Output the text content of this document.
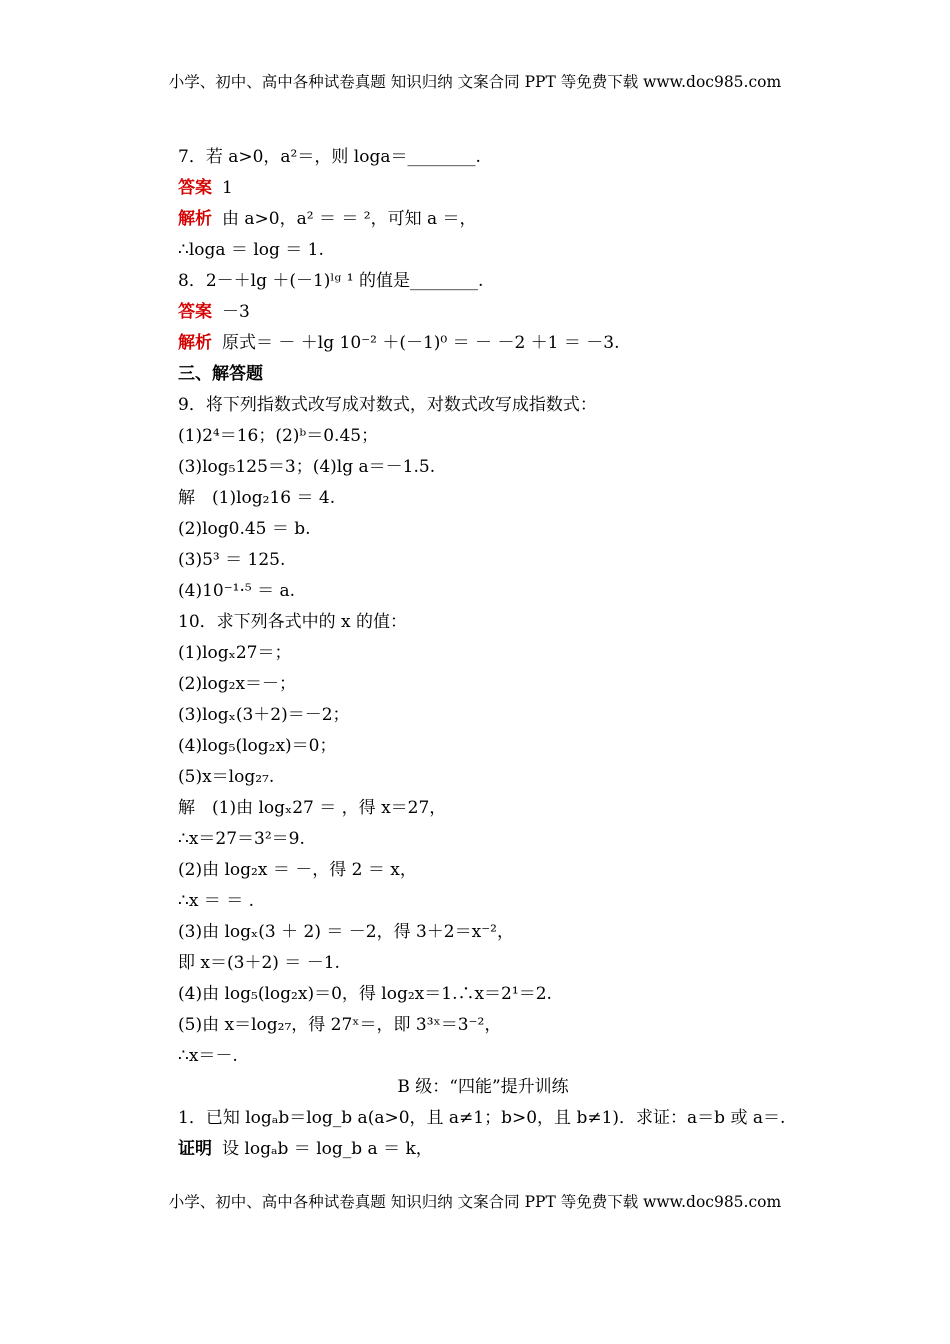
小学、初中、高中各种试卷真题 知识归纳 文案合同 PPT 等免费下载 www.doc985.com
7．若 a>0，a²＝，则 loga＝________.
答案 1
解析 由 a>0，a² ＝ ＝ ²，可知 a ＝，
∴loga ＝ log ＝ 1.
8．2－＋lg ＋(－1)ˡᵍ ¹ 的值是________.
答案 －3
解析 原式＝ － ＋lg 10⁻² ＋(－1)⁰ ＝ － －2 ＋1 ＝ －3.
三、解答题
9．将下列指数式改写成对数式，对数式改写成指数式：
(1)2⁴＝16；(2)ᵇ＝0.45；
(3)log₅125＝3；(4)lg a＝－1.5.
解　(1)log₂16 ＝ 4.
(2)log0.45 ＝ b.
(3)5³ ＝ 125.
(4)10⁻¹·⁵ ＝ a.
10．求下列各式中的 x 的值：
(1)logₓ27＝；
(2)log₂x＝－；
(3)logₓ(3＋2)＝－2；
(4)log₅(log₂x)＝0；
(5)x＝log₂₇.
解　(1)由 logₓ27 ＝ ，得 x＝27，
∴x＝27＝3²＝9.
(2)由 log₂x ＝ －，得 2 ＝ x，
∴x ＝ ＝ .
(3)由 logₓ(3 ＋ 2) ＝ －2，得 3＋2＝x⁻²，
即 x＝(3＋2) ＝ －1.
(4)由 log₅(log₂x)＝0，得 log₂x＝1.∴x＝2¹＝2.
(5)由 x＝log₂₇，得 27ˣ＝，即 3³ˣ＝3⁻²，
∴x＝－.
B 级：“四能”提升训练
1．已知 logₐb＝log_b a(a>0，且 a≠1；b>0，且 b≠1)．求证：a＝b 或 a＝.
证明 设 logₐb ＝ log_b a ＝ k，
小学、初中、高中各种试卷真题 知识归纳 文案合同 PPT 等免费下载 www.doc985.com
